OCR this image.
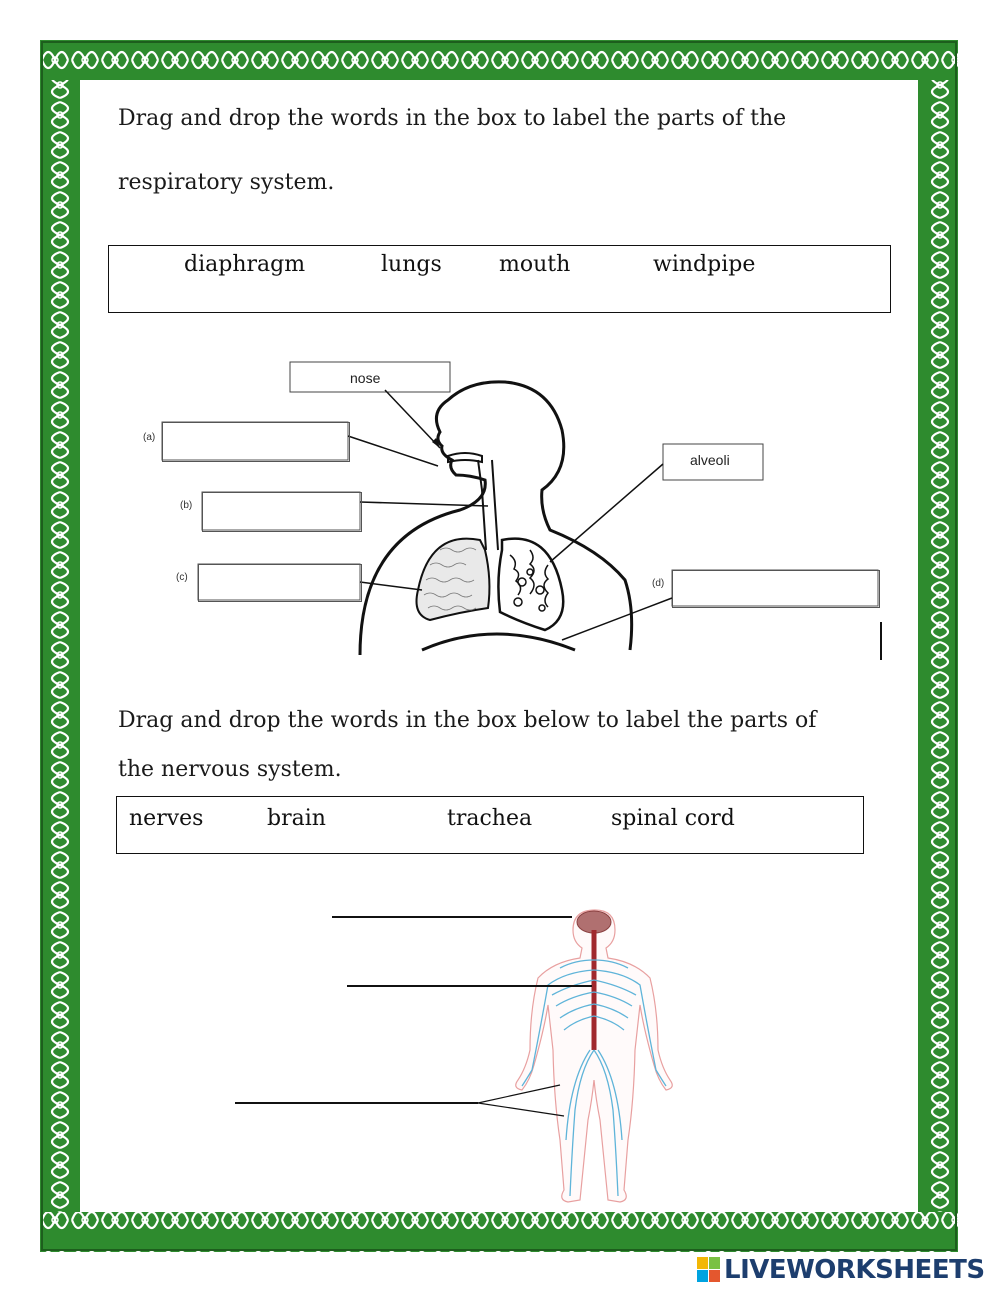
Drag and drop the words in the box to label the parts of the

respiratory system.

diaphragm	lungs	mouth	windpipe
(a)
(b)
(c)
(d)
nose
alveoli

Drag and drop the words in the box below to label the parts of

the nervous system.

nerves	brain	trachea	spinal cord
LIVEWORKSHEETS
